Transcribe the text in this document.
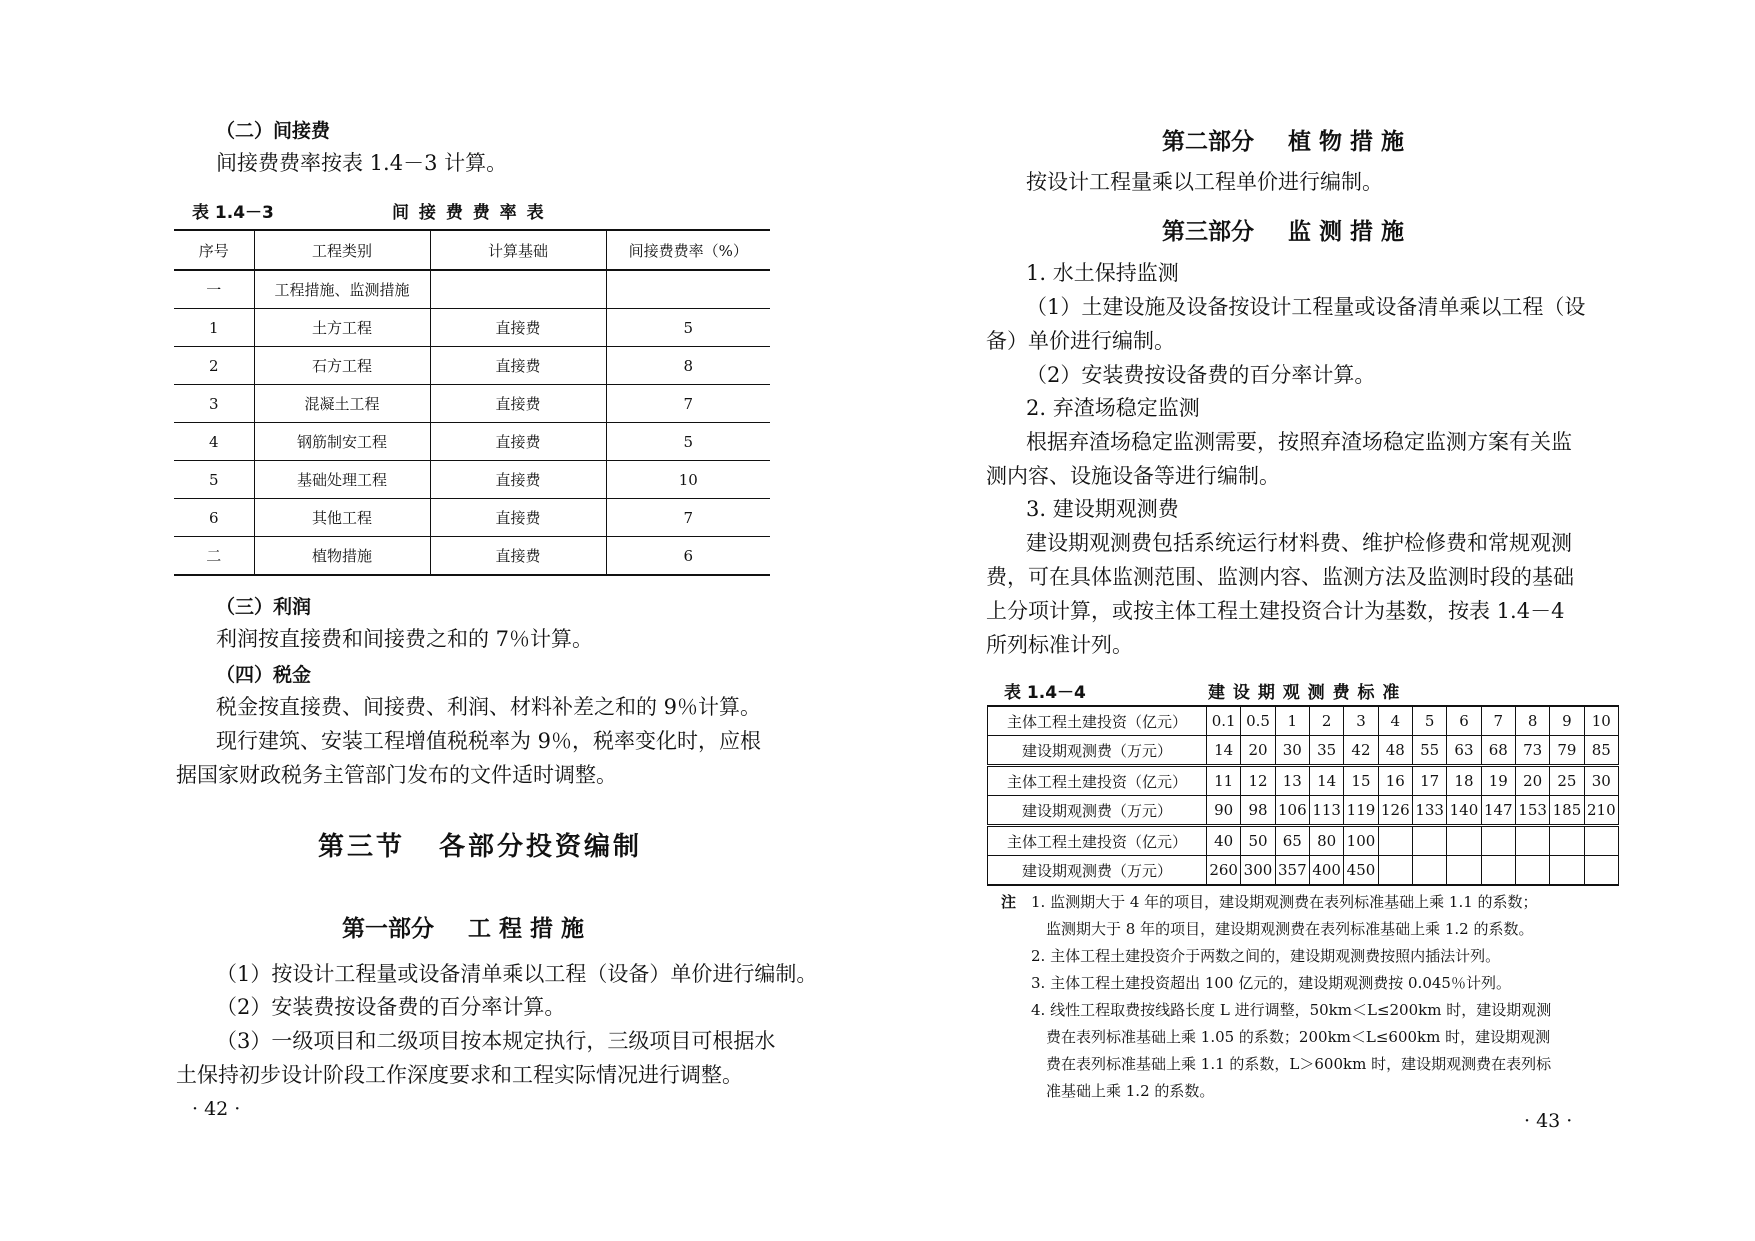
（二）间接费
间接费费率按表 1.4－3 计算。
表 1.4－3	间 接 费 费 率 表
序号	工程类别	计算基础	间接费费率（%）
一	工程措施、监测措施		
1	土方工程	直接费	5
2	石方工程	直接费	8
3	混凝土工程	直接费	7
4	钢筋制安工程	直接费	5
5	基础处理工程	直接费	10
6	其他工程	直接费	7
二	植物措施	直接费	6
（三）利润
利润按直接费和间接费之和的 7％计算。
（四）税金
税金按直接费、间接费、利润、材料补差之和的 9％计算。
现行建筑、安装工程增值税税率为 9％，税率变化时，应根
据国家财政税务主管部门发布的文件适时调整。
第三节 各部分投资编制
第一部分 工 程 措 施
（1）按设计工程量或设备清单乘以工程（设备）单价进行编制。
（2）安装费按设备费的百分率计算。
（3）一级项目和二级项目按本规定执行，三级项目可根据水
土保持初步设计阶段工作深度要求和工程实际情况进行调整。
· 42 ·
第二部分 植 物 措 施
按设计工程量乘以工程单价进行编制。
第三部分 监 测 措 施
1. 水土保持监测
（1）土建设施及设备按设计工程量或设备清单乘以工程（设
备）单价进行编制。
（2）安装费按设备费的百分率计算。
2. 弃渣场稳定监测
根据弃渣场稳定监测需要，按照弃渣场稳定监测方案有关监
测内容、设施设备等进行编制。
3. 建设期观测费
建设期观测费包括系统运行材料费、维护检修费和常规观测
费，可在具体监测范围、监测内容、监测方法及监测时段的基础
上分项计算，或按主体工程土建投资合计为基数，按表 1.4－4
所列标准计列。
表 1.4－4	建 设 期 观 测 费 标 准
主体工程土建投资（亿元）	0.1	0.5	1	2	3	4	5	6	7	8	9	10
建设期观测费（万元）	14	20	30	35	42	48	55	63	68	73	79	85
主体工程土建投资（亿元）	11	12	13	14	15	16	17	18	19	20	25	30
建设期观测费（万元）	90	98	106	113	119	126	133	140	147	153	185	210
主体工程土建投资（亿元）	40	50	65	80	100							
建设期观测费（万元）	260	300	357	400	450							
注 1. 监测期大于 4 年的项目，建设期观测费在表列标准基础上乘 1.1 的系数；
监测期大于 8 年的项目，建设期观测费在表列标准基础上乘 1.2 的系数。
2. 主体工程土建投资介于两数之间的，建设期观测费按照内插法计列。
3. 主体工程土建投资超出 100 亿元的，建设期观测费按 0.045％计列。
4. 线性工程取费按线路长度 L 进行调整，50km＜L≤200km 时，建设期观测
费在表列标准基础上乘 1.05 的系数；200km＜L≤600km 时，建设期观测
费在表列标准基础上乘 1.1 的系数，L＞600km 时，建设期观测费在表列标
准基础上乘 1.2 的系数。
· 43 ·
